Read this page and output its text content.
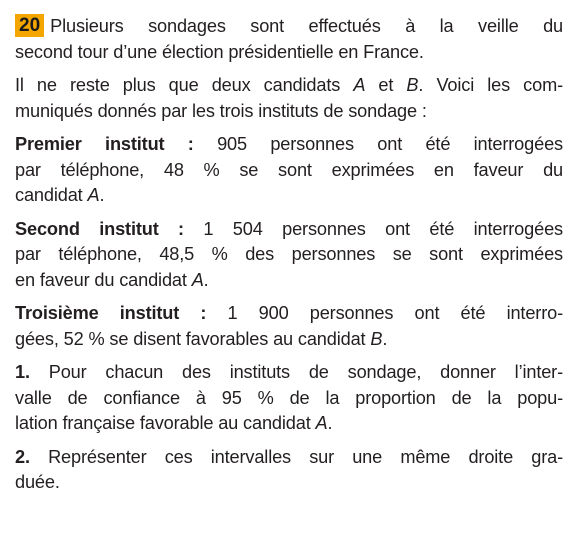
20 Plusieurs sondages sont effectués à la veille du
second tour d’une élection présidentielle en France.

Il ne reste plus que deux candidats A et B. Voici les com-
muniqués donnés par les trois instituts de sondage :

Premier institut : 905 personnes ont été interrogées
par téléphone, 48 % se sont exprimées en faveur du
candidat A.

Second institut : 1 504 personnes ont été interrogées
par téléphone, 48,5 % des personnes se sont exprimées
en faveur du candidat A.

Troisième institut : 1 900 personnes ont été interro-
gées, 52 % se disent favorables au candidat B.

1. Pour chacun des instituts de sondage, donner l’inter-
valle de confiance à 95 % de la proportion de la popu-
lation française favorable au candidat A.

2. Représenter ces intervalles sur une même droite gra-
duée.
